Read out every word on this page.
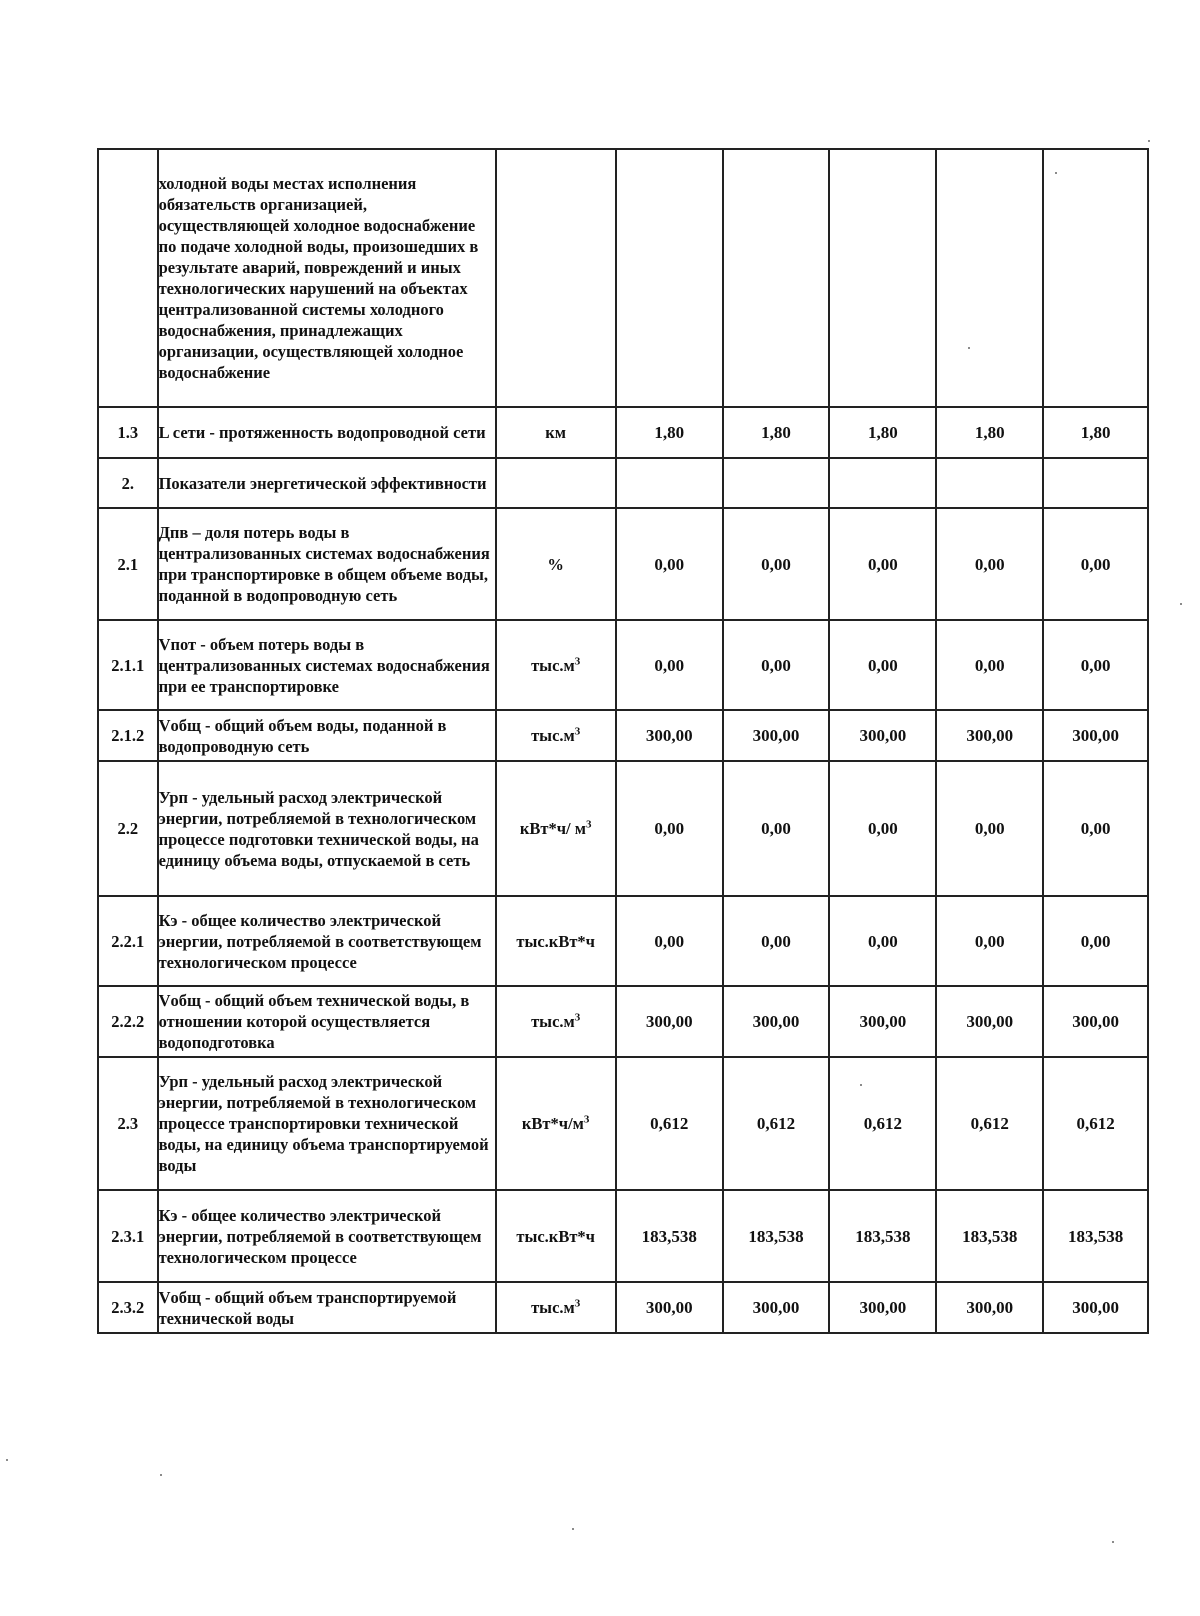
	холодной воды местах исполнения обязательств организацией, осуществляющей холодное водоснабжение по подаче холодной воды, произошедших в результате аварий, повреждений и иных технологических нарушений на объектах централизованной системы холодного водоснабжения, принадлежащих организации, осуществляющей холодное водоснабжение						
1.3	L сети - протяженность водопроводной сети	км	1,80	1,80	1,80	1,80	1,80
2.	Показатели энергетической эффективности						
2.1	Дпв – доля потерь воды в централизованных системах водоснабжения при транспортировке в общем объеме воды, поданной в водопроводную сеть	%	0,00	0,00	0,00	0,00	0,00
2.1.1	Vпот - объем потерь воды в централизованных системах водоснабжения при ее транспортировке	$тыс.м^3$	0,00	0,00	0,00	0,00	0,00
2.1.2	Vобщ - общий объем воды, поданной в водопроводную сеть	$тыс.м^3$	300,00	300,00	300,00	300,00	300,00
2.2	Урп - удельный расход электрической энергии, потребляемой в технологическом процессе подготовки технической воды, на единицу объема воды, отпускаемой в сеть	кВт*ч/ $м^3$	0,00	0,00	0,00	0,00	0,00
2.2.1	Кэ - общее количество электрической энергии, потребляемой в соответствующем технологическом процессе	тыс.кВт*ч	0,00	0,00	0,00	0,00	0,00
2.2.2	Vобщ - общий объем технической воды, в отношении которой осуществляется водоподготовка	$тыс.м^3$	300,00	300,00	300,00	300,00	300,00
2.3	Урп - удельный расход электрической энергии, потребляемой в технологическом процессе транспортировки технической воды, на единицу объема транспортируемой воды	$кВт*ч/м^3$	0,612	0,612	0,612	0,612	0,612
2.3.1	Кэ - общее количество электрической энергии, потребляемой в соответствующем технологическом процессе	тыс.кВт*ч	183,538	183,538	183,538	183,538	183,538
2.3.2	Vобщ - общий объем транспортируемой технической воды	$тыс.м^3$	300,00	300,00	300,00	300,00	300,00
